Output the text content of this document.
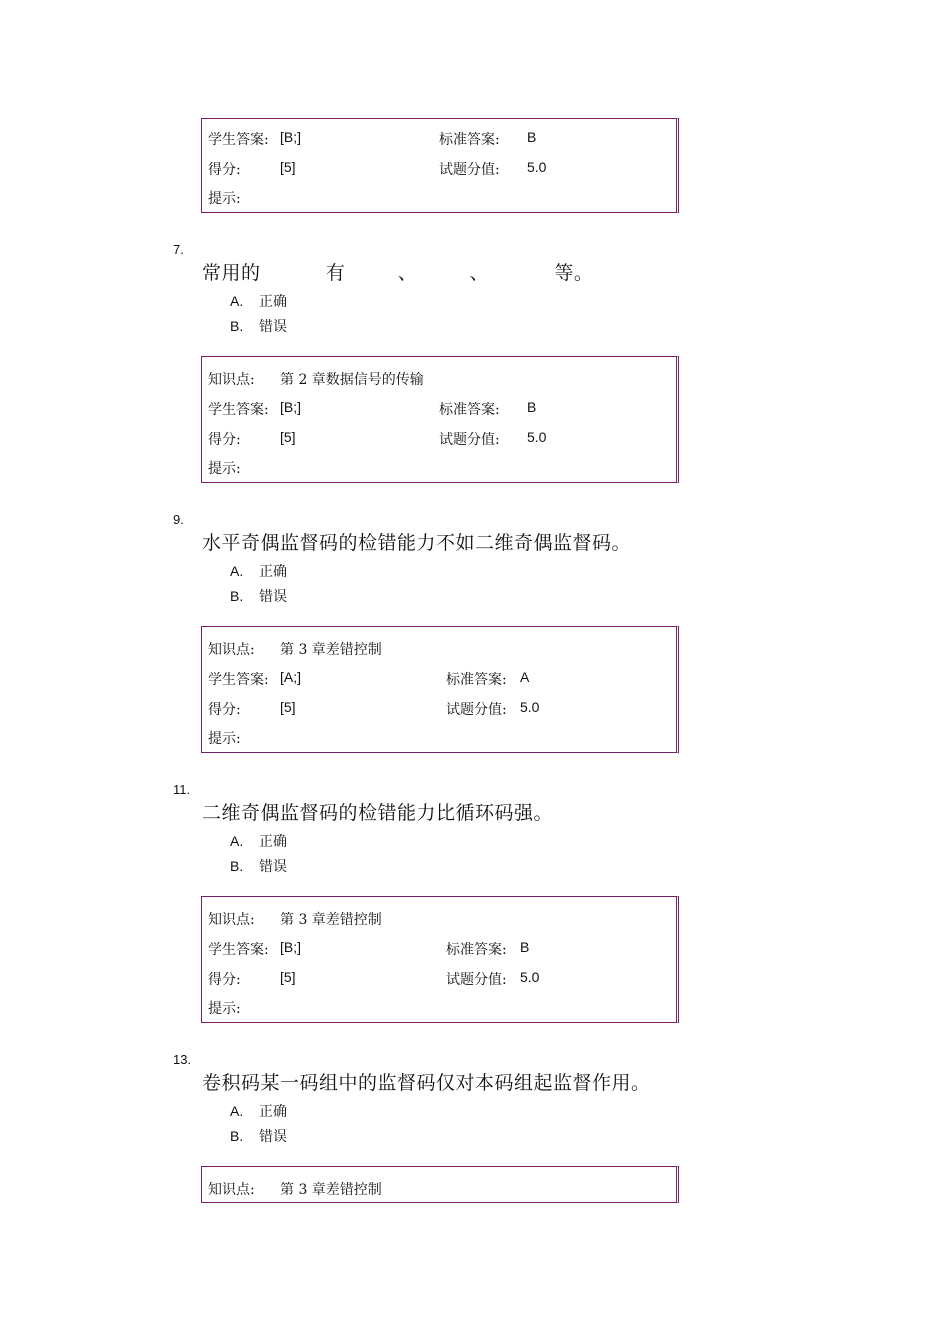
学生答案: [B;]	标准答案: B
得分:	[5]	试题分值: 5.0
提示:
7.
常用的          有        、        、          等。
A. 正确
B. 错误
知识点: 第 2 章数据信号的传输
学生答案: [B;]	标准答案: B
得分:	[5]	试题分值: 5.0
提示:
9.
水平奇偶监督码的检错能力不如二维奇偶监督码。
A. 正确
B. 错误
知识点: 第 3 章差错控制
学生答案: [A;]	标准答案: A
得分:	[5]	试题分值: 5.0
提示:
11.
二维奇偶监督码的检错能力比循环码强。
A. 正确
B. 错误
知识点: 第 3 章差错控制
学生答案: [B;]	标准答案: B
得分:	[5]	试题分值: 5.0
提示:
13.
卷积码某一码组中的监督码仅对本码组起监督作用。
A. 正确
B. 错误
知识点: 第 3 章差错控制
